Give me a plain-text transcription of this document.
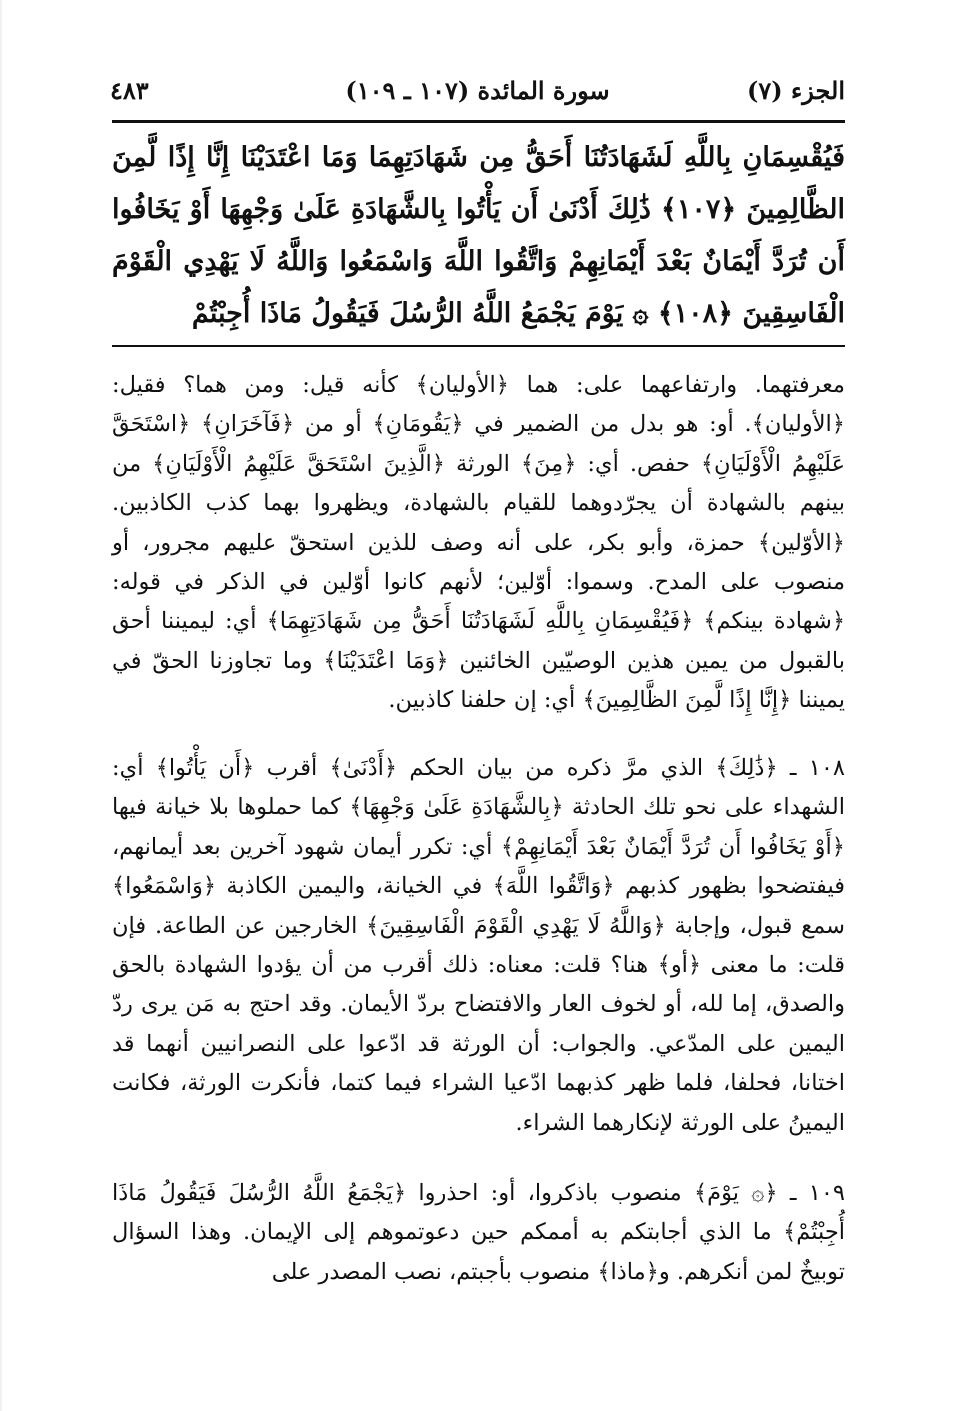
الجزء (٧)
سورة المائدة (١٠٧ ـ ١٠٩)
٤٨٣
فَيُقْسِمَانِ بِاللَّهِ لَشَهَادَتُنَا أَحَقُّ مِن شَهَادَتِهِمَا وَمَا اعْتَدَيْنَا إِنَّا إِذًا لَّمِنَ الظَّالِمِينَ ﴿١٠٧﴾ ذَٰلِكَ أَدْنَىٰ أَن يَأْتُوا بِالشَّهَادَةِ عَلَىٰ وَجْهِهَا أَوْ يَخَافُوا أَن تُرَدَّ أَيْمَانٌ بَعْدَ أَيْمَانِهِمْ وَاتَّقُوا اللَّهَ وَاسْمَعُوا وَاللَّهُ لَا يَهْدِي الْقَوْمَ الْفَاسِقِينَ ﴿١٠٨﴾ ۞ يَوْمَ يَجْمَعُ اللَّهُ الرُّسُلَ فَيَقُولُ مَاذَا أُجِبْتُمْ
معرفتهما. وارتفاعهما على: هما ﴿الأوليان﴾ كأنه قيل: ومن هما؟ فقيل: ﴿الأوليان﴾. أو: هو بدل من الضمير في ﴿يَقُومَانِ﴾ أو من ﴿فَآخَرَانِ﴾ ﴿اسْتَحَقَّ عَلَيْهِمُ الْأَوْلَيَانِ﴾ حفص. أي: ﴿مِنَ﴾ الورثة ﴿الَّذِينَ اسْتَحَقَّ عَلَيْهِمُ الْأَوْلَيَانِ﴾ من بينهم بالشهادة أن يجرّدوهما للقيام بالشهادة، ويظهروا بهما كذب الكاذبين. ﴿الأوّلين﴾ حمزة، وأبو بكر، على أنه وصف للذين استحقّ عليهم مجرور، أو منصوب على المدح. وسموا: أوّلين؛ لأنهم كانوا أوّلين في الذكر في قوله: ﴿شهادة بينكم﴾ ﴿فَيُقْسِمَانِ بِاللَّهِ لَشَهَادَتُنَا أَحَقُّ مِن شَهَادَتِهِمَا﴾ أي: ليميننا أحق بالقبول من يمين هذين الوصيّين الخائنين ﴿وَمَا اعْتَدَيْنَا﴾ وما تجاوزنا الحقّ في يميننا ﴿إِنَّا إِذًا لَّمِنَ الظَّالِمِينَ﴾ أي: إن حلفنا كاذبين.
١٠٨ ـ ﴿ذَٰلِكَ﴾ الذي مرَّ ذكره من بيان الحكم ﴿أَدْنَىٰ﴾ أقرب ﴿أَن يَأْتُوا﴾ أي: الشهداء على نحو تلك الحادثة ﴿بِالشَّهَادَةِ عَلَىٰ وَجْهِهَا﴾ كما حملوها بلا خيانة فيها ﴿أَوْ يَخَافُوا أَن تُرَدَّ أَيْمَانٌ بَعْدَ أَيْمَانِهِمْ﴾ أي: تكرر أيمان شهود آخرين بعد أيمانهم، فيفتضحوا بظهور كذبهم ﴿وَاتَّقُوا اللَّهَ﴾ في الخيانة، واليمين الكاذبة ﴿وَاسْمَعُوا﴾ سمع قبول، وإجابة ﴿وَاللَّهُ لَا يَهْدِي الْقَوْمَ الْفَاسِقِينَ﴾ الخارجين عن الطاعة. فإن قلت: ما معنى ﴿أو﴾ هنا؟ قلت: معناه: ذلك أقرب من أن يؤدوا الشهادة بالحق والصدق، إما لله، أو لخوف العار والافتضاح بردّ الأيمان. وقد احتج به مَن يرى ردّ اليمين على المدّعي. والجواب: أن الورثة قد ادّعوا على النصرانيين أنهما قد اختانا، فحلفا، فلما ظهر كذبهما ادّعيا الشراء فيما كتما، فأنكرت الورثة، فكانت اليمينُ على الورثة لإنكارهما الشراء.
١٠٩ ـ ﴿۞ يَوْمَ﴾ منصوب باذكروا، أو: احذروا ﴿يَجْمَعُ اللَّهُ الرُّسُلَ فَيَقُولُ مَاذَا أُجِبْتُمْ﴾ ما الذي أجابتكم به أممكم حين دعوتموهم إلى الإيمان. وهذا السؤال توبيخٌ لمن أنكرهم. و﴿ماذا﴾ منصوب بأجبتم، نصب المصدر على
